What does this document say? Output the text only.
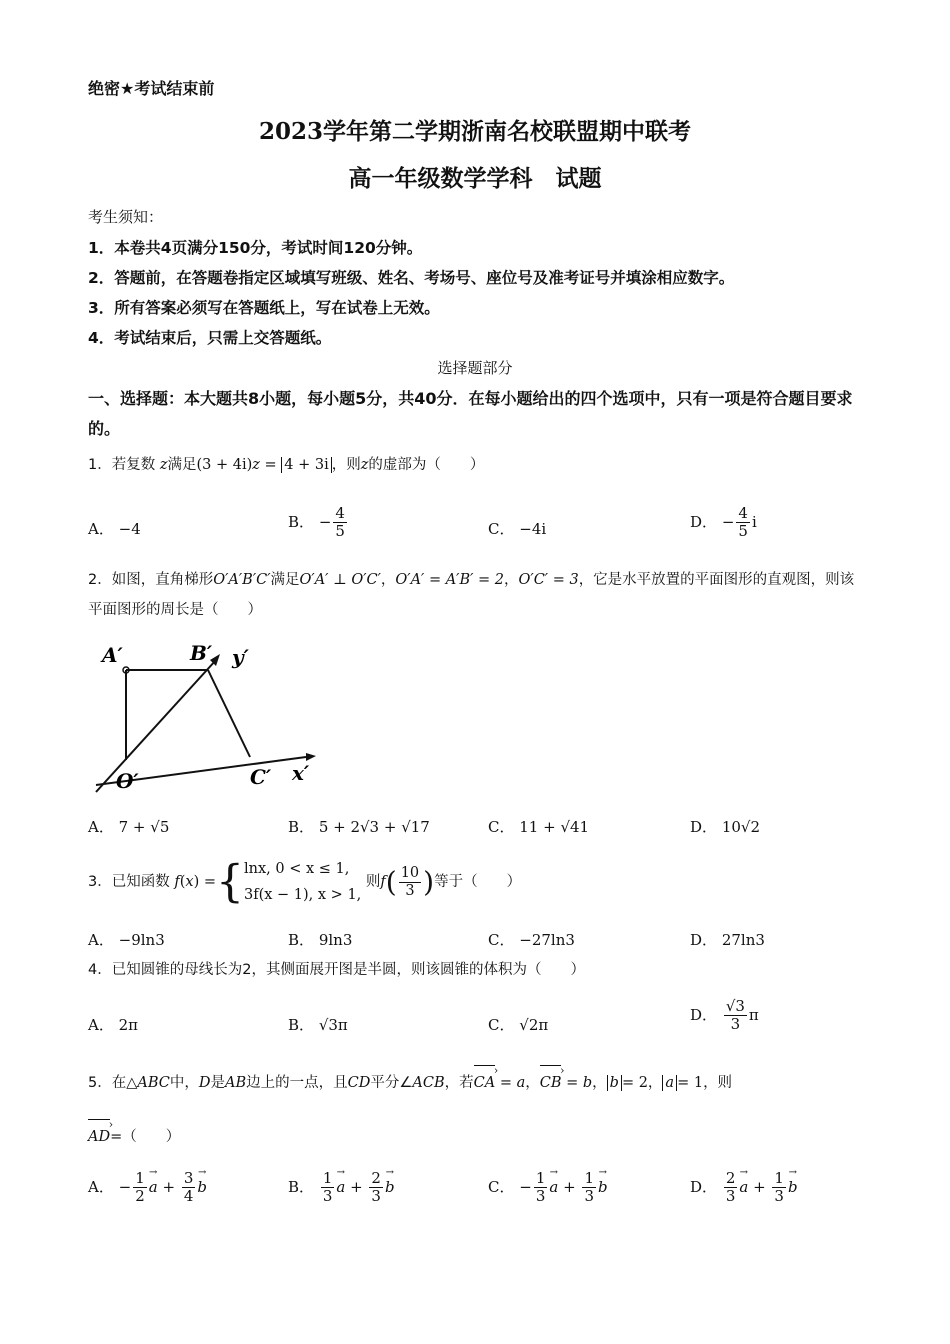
绝密★考试结束前
2023学年第二学期浙南名校联盟期中联考
高一年级数学学科　试题
考生须知：
1．本卷共4页满分150分，考试时间120分钟。
2．答题前，在答题卷指定区域填写班级、姓名、考场号、座位号及准考证号并填涂相应数字。
3．所有答案必须写在答题纸上，写在试卷上无效。
4．考试结束后，只需上交答题纸。
选择题部分
一、选择题：本大题共8小题，每小题5分，共40分．在每小题给出的四个选项中，只有一项是符合题目要求的。
1．若复数 z满足(3 + 4i)z = 4 + 3i ，则z的虚部为（　　）
A． −4	B． − $\frac{4}{5}$	C． −4i	D． − $\frac{4}{5}$ i
2．如图，直角梯形O′A′B′C′满足O′A′ ⊥ O′C′，O′A′ = A′B′ = 2，O′C′ = 3，它是水平放置的平面图形的直观图，则该平面图形的周长是（　　）
A′	B′ y′
O′	C′ x′
A． 7 + √5	B． 5 + 2√3 + √17	C． 11 + √41	D． 10√2
3．已知函数 f(x) ={ lnx, 0 < x ≤ 1,
3f(x − 1), x > 1,
则$f( \frac{10}{3}$ )等于（　　）
A． −9ln3	B． 9ln3	C． −27ln3	D． 27ln3
4．已知圆锥的母线长为2，其侧面展开图是半圆，则该圆锥的体积为（　　）
A． 2π	B． √3π	C． √2π
D． $\frac{√3}{3}$ π
5．在△ABC中，D是AB边上的一点，且CD平分∠ACB，若CA › = a，CB › = b， b = 2， a = 1，则
AD ›=（　　）
A． − $\frac{1}{2}$
→ $a + \frac{3}{4}$
→ b	B． $\frac{1}{3}$
→ $a + \frac{2}{3}$
→ b	C． − $\frac{1}{3}$
→ $a + \frac{1}{3}$
→ b	D． $\frac{2}{3}$
→ $a + \frac{1}{3}$
→ b
